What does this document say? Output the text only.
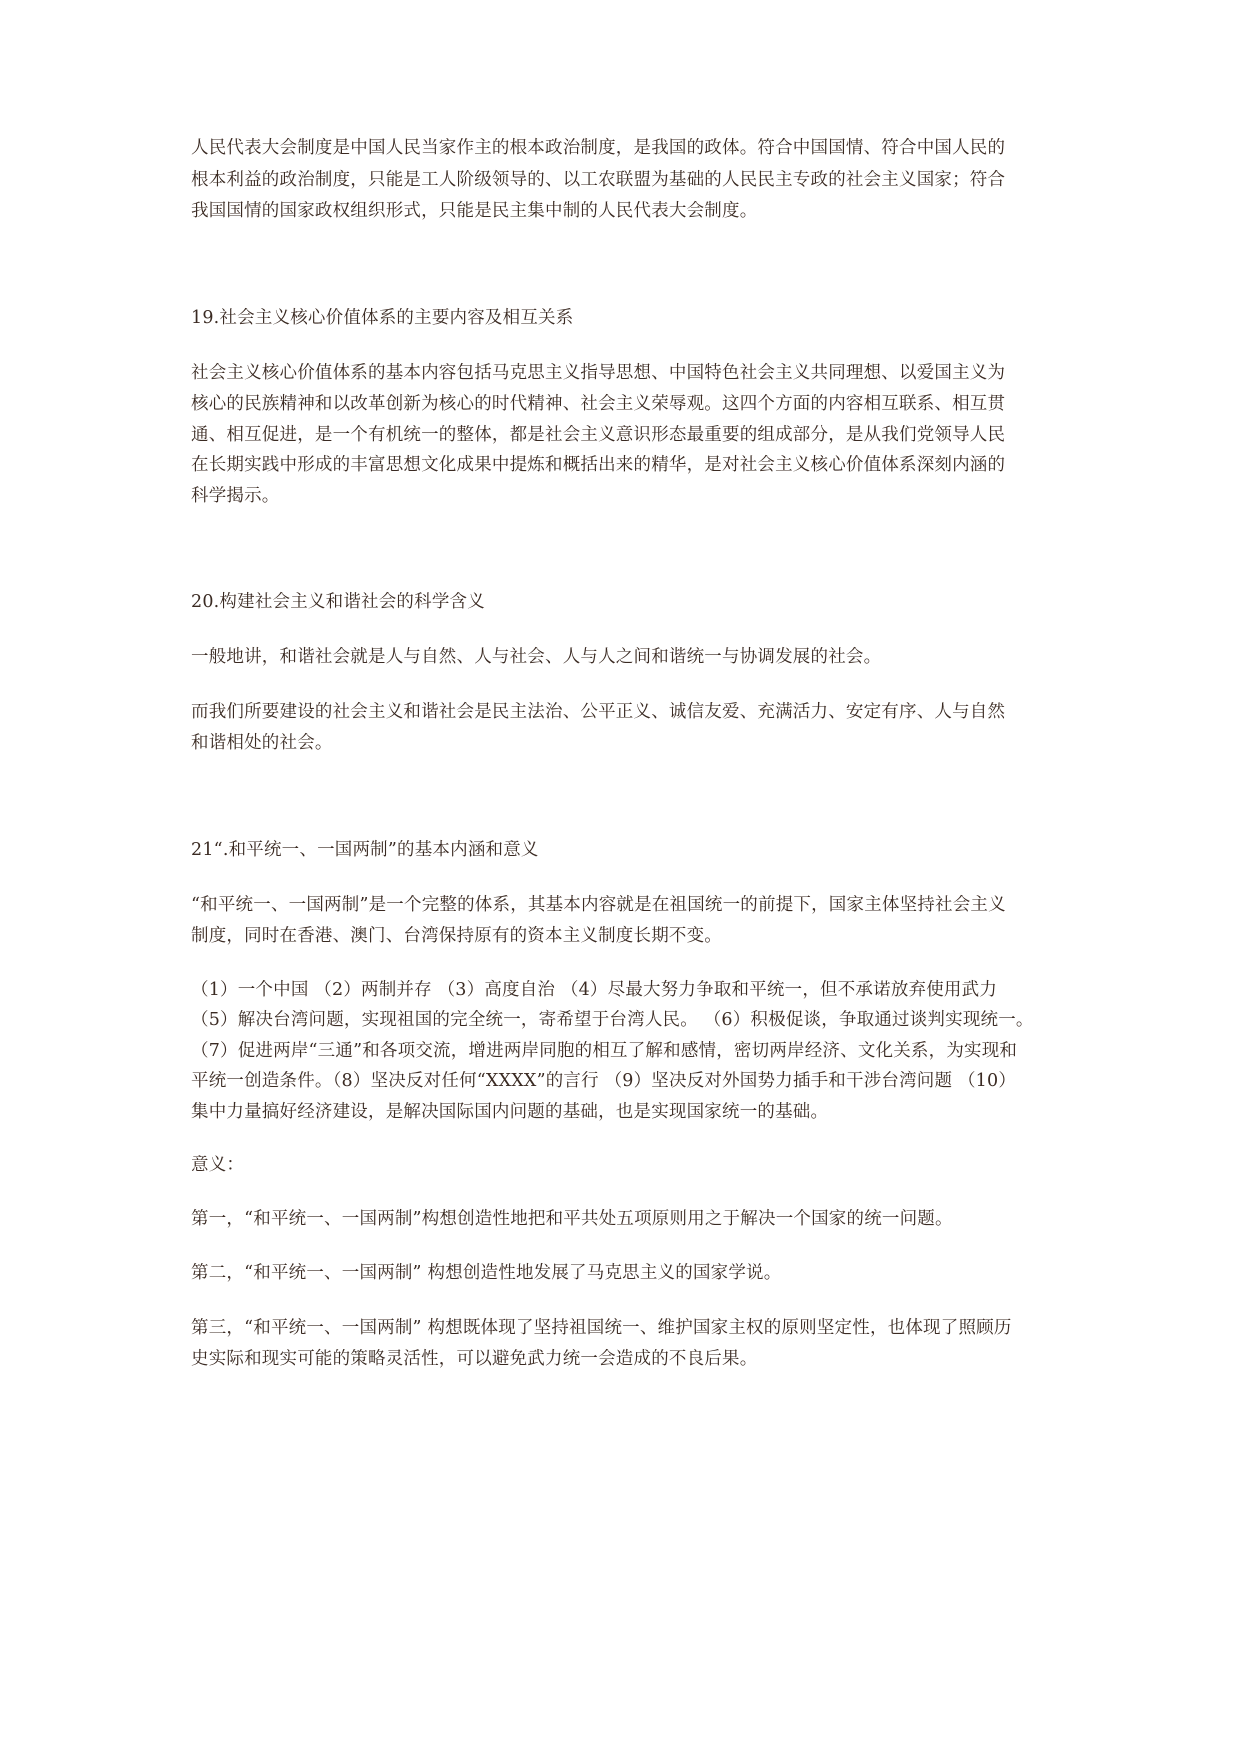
人民代表大会制度是中国人民当家作主的根本政治制度，是我国的政体。符合中国国情、符合中国人民的
根本利益的政治制度，只能是工人阶级领导的、以工农联盟为基础的人民民主专政的社会主义国家；符合
我国国情的国家政权组织形式，只能是民主集中制的人民代表大会制度。
19.社会主义核心价值体系的主要内容及相互关系
社会主义核心价值体系的基本内容包括马克思主义指导思想、中国特色社会主义共同理想、以爱国主义为
核心的民族精神和以改革创新为核心的时代精神、社会主义荣辱观。这四个方面的内容相互联系、相互贯
通、相互促进，是一个有机统一的整体，都是社会主义意识形态最重要的组成部分，是从我们党领导人民
在长期实践中形成的丰富思想文化成果中提炼和概括出来的精华，是对社会主义核心价值体系深刻内涵的
科学揭示。
20.构建社会主义和谐社会的科学含义
一般地讲，和谐社会就是人与自然、人与社会、人与人之间和谐统一与协调发展的社会。
而我们所要建设的社会主义和谐社会是民主法治、公平正义、诚信友爱、充满活力、安定有序、人与自然
和谐相处的社会。
21“.和平统一、一国两制”的基本内涵和意义
“和平统一、一国两制”是一个完整的体系，其基本内容就是在祖国统一的前提下，国家主体坚持社会主义
制度，同时在香港、澳门、台湾保持原有的资本主义制度长期不变。
（1）一个中国 （2）两制并存 （3）高度自治 （4）尽最大努力争取和平统一，但不承诺放弃使用武力
（5）解决台湾问题，实现祖国的完全统一，寄希望于台湾人民。 （6）积极促谈，争取通过谈判实现统一。
（7）促进两岸“三通”和各项交流，增进两岸同胞的相互了解和感情，密切两岸经济、文化关系，为实现和
平统一创造条件。（8）坚决反对任何“XXXX”的言行 （9）坚决反对外国势力插手和干涉台湾问题 （10）
集中力量搞好经济建设，是解决国际国内问题的基础，也是实现国家统一的基础。
意义：
第一，“和平统一、一国两制”构想创造性地把和平共处五项原则用之于解决一个国家的统一问题。
第二，“和平统一、一国两制” 构想创造性地发展了马克思主义的国家学说。
第三，“和平统一、一国两制” 构想既体现了坚持祖国统一、维护国家主权的原则坚定性，也体现了照顾历
史实际和现实可能的策略灵活性，可以避免武力统一会造成的不良后果。
